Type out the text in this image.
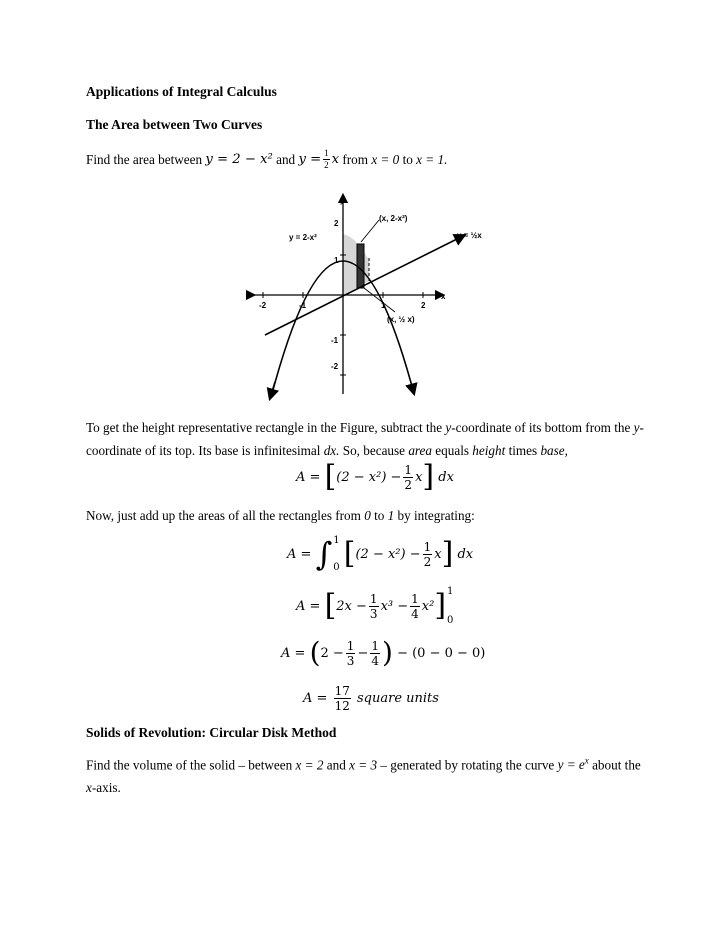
Applications of Integral Calculus
The Area between Two Curves
Find the area between
y = 2 − x²
and
$y = \frac{1}{2}$ x
from
x = 0
to
x = 1.
y = 2-x²	y = ½x
(x, 2-x²)
(x, ½ x)
x
y
-2	-1	1	2
2
1
-1
-2
To get the height representative rectangle in the Figure, subtract the y-coordinate of its bottom from the y-coordinate of its top. Its base is infinitesimal dx. So, because area equals height times base,
A =
[ $(2 - x^2) - \frac{1}{2}$ x ]
dx
Now, just add up the areas of all the rectangles from 0 to 1 by integrating:
A =
∫ 1
0
[ $(2 - x^2) - \frac{1}{2}$ x ]
dx
A =
[ $2x - \frac{1}{3} x^3 - \frac{1}{4} x^2$ ] 1
0
A =
( $2 - \frac{1}{3} - \frac{1}{4}$ )
− (0 − 0 − 0)
A =
$\frac{17}{12}$
square units
Solids of Revolution: Circular Disk Method
Find the volume of the solid – between x = 2 and x = 3 – generated by rotating the curve $y = e^x$ about the x-axis.
